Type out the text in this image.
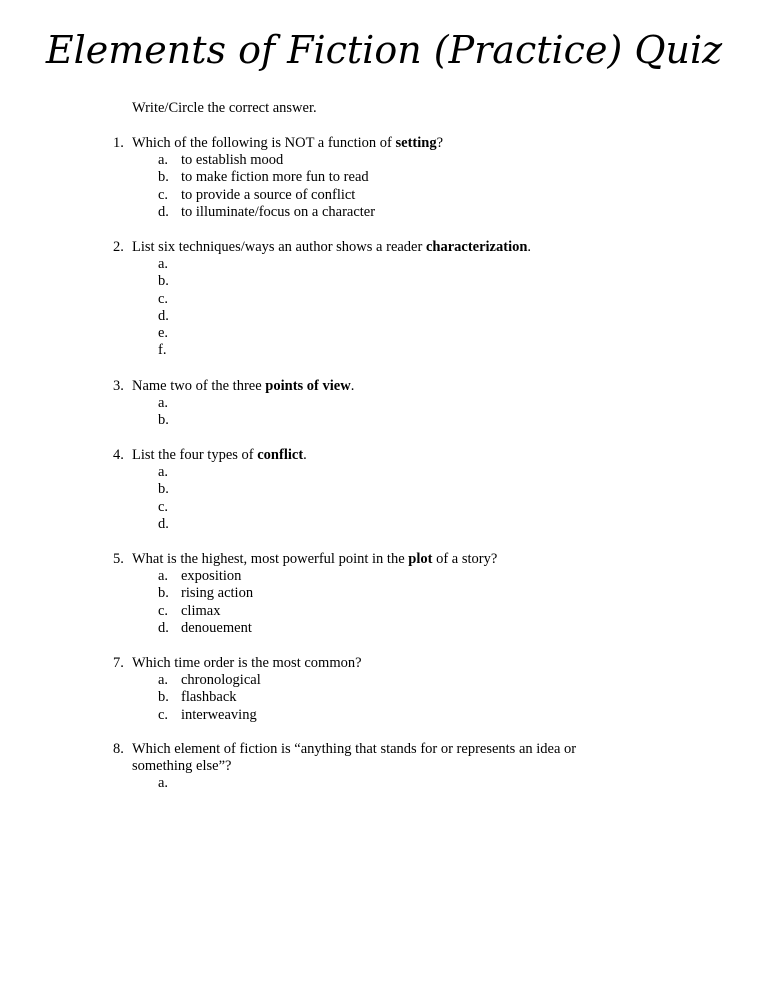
Elements of Fiction (Practice) Quiz
Write/Circle the correct answer.
1. Which of the following is NOT a function of setting?
a. to establish mood
b. to make fiction more fun to read
c. to provide a source of conflict
d. to illuminate/focus on a character
2. List six techniques/ways an author shows a reader characterization.
a.
b.
c.
d.
e.
f.
3. Name two of the three points of view.
a.
b.
4. List the four types of conflict.
a.
b.
c.
d.
5. What is the highest, most powerful point in the plot of a story?
a. exposition
b. rising action
c. climax
d. denouement
7. Which time order is the most common?
a. chronological
b. flashback
c. interweaving
8. Which element of fiction is “anything that stands for or represents an idea or something else”?
a.
